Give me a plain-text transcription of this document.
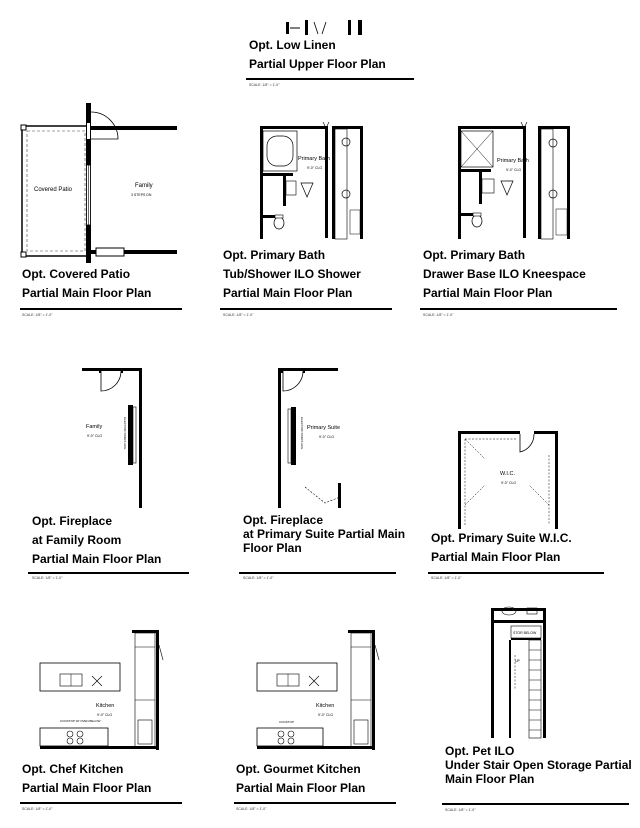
Opt. Low Linen
Partial Upper Floor Plan
SCALE: 1/8" = 1'-0"
Covered Patio
Family
3 STEPS DN
Opt. Covered Patio
Partial Main Floor Plan
SCALE: 1/8" = 1'-0"
Primary Bath
9'-0" CLG
Opt. Primary Bath
Tub/Shower ILO Shower
Partial Main Floor Plan
SCALE: 1/8" = 1'-0"
Primary Bath
9'-0" CLG
Opt. Primary Bath
Drawer Base ILO Kneespace
Partial Main Floor Plan
SCALE: 1/8" = 1'-0"
Family
9'-0" CLG	ELECTRIC FIREPLACE
Opt. Fireplace
at Family Room
Partial Main Floor Plan
SCALE: 1/8" = 1'-0"
Primary Suite
9'-0" CLG
ELECTRIC FIREPLACE
Opt. Fireplace
at Primary Suite Partial Main
Floor Plan
SCALE: 1/8" = 1'-0"
W.I.C.
9'-0" CLG
Opt. Primary Suite W.I.C.
Partial Main Floor Plan
SCALE: 1/8" = 1'-0"
Kitchen
9'-0" CLG
COOKTOP W/ OVEN BELOW
Opt. Chef Kitchen
Partial Main Floor Plan
SCALE: 1/8" = 1'-0"
Kitchen
9'-0" CLG
COOKTOP
Opt. Gourmet Kitchen
Partial Main Floor Plan
SCALE: 1/8" = 1'-0"
STOR BELOW
UP
Opt. Pet ILO
Under Stair Open Storage Partial
Main Floor Plan
SCALE: 1/8" = 1'-0"
